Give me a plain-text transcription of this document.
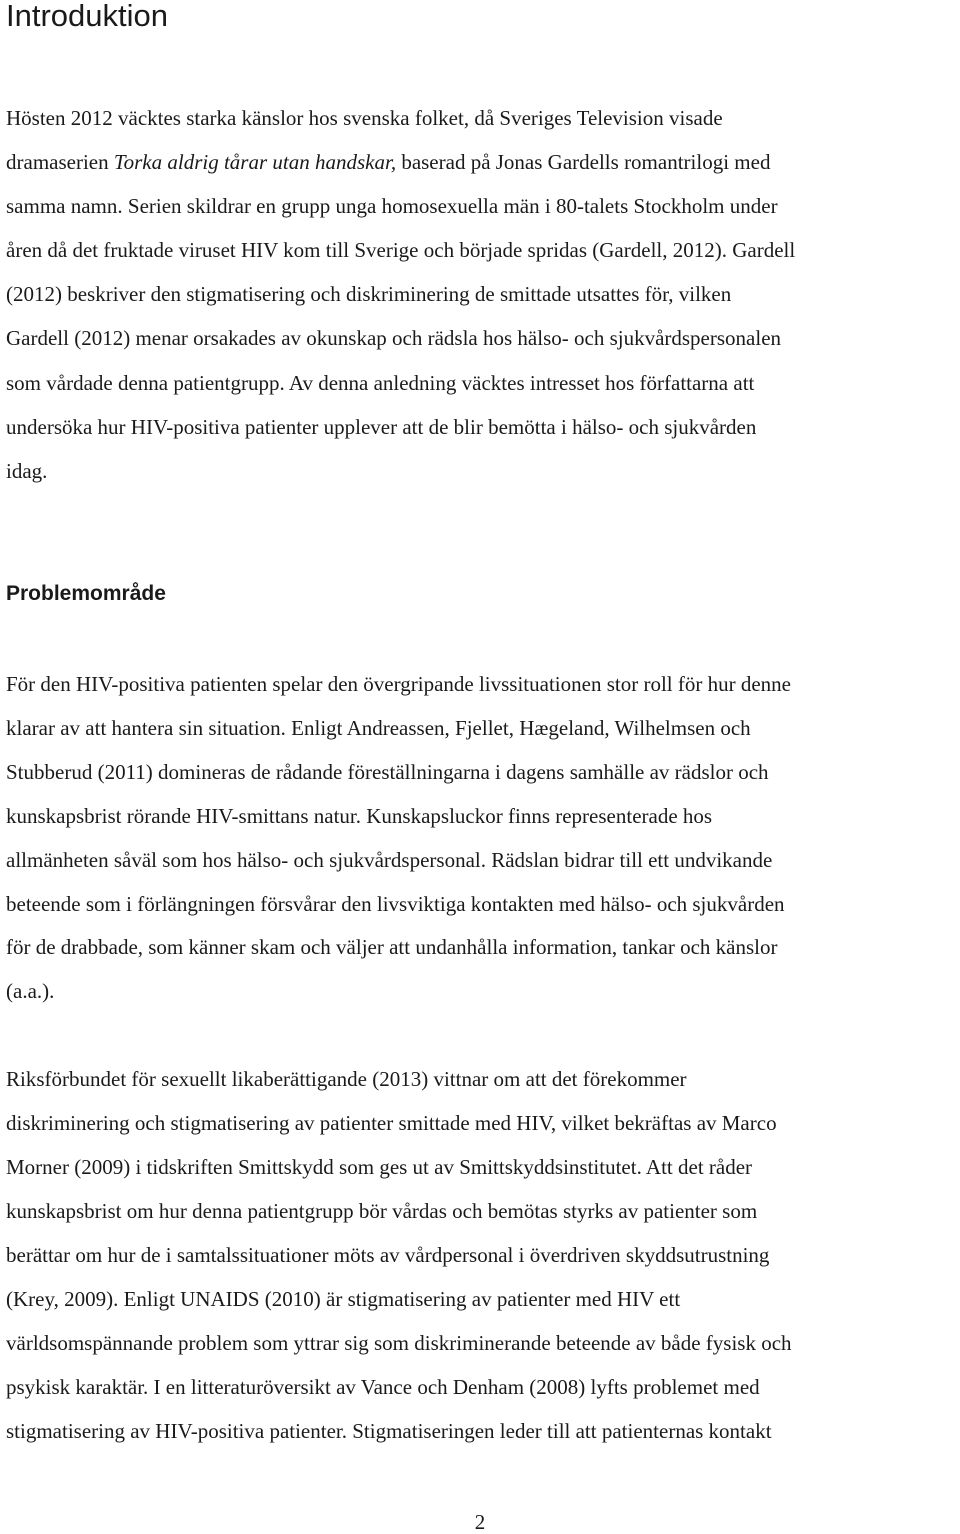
Introduktion
Hösten 2012 väcktes starka känslor hos svenska folket, då Sveriges Television visade
dramaserien Torka aldrig tårar utan handskar, baserad på Jonas Gardells romantrilogi med
samma namn. Serien skildrar en grupp unga homosexuella män i 80-talets Stockholm under
åren då det fruktade viruset HIV kom till Sverige och började spridas (Gardell, 2012). Gardell
(2012) beskriver den stigmatisering och diskriminering de smittade utsattes för, vilken
Gardell (2012) menar orsakades av okunskap och rädsla hos hälso- och sjukvårdspersonalen
som vårdade denna patientgrupp. Av denna anledning väcktes intresset hos författarna att
undersöka hur HIV-positiva patienter upplever att de blir bemötta i hälso- och sjukvården
idag.
Problemområde
För den HIV-positiva patienten spelar den övergripande livssituationen stor roll för hur denne
klarar av att hantera sin situation. Enligt Andreassen, Fjellet, Hægeland, Wilhelmsen och
Stubberud (2011) domineras de rådande föreställningarna i dagens samhälle av rädslor och
kunskapsbrist rörande HIV-smittans natur. Kunskapsluckor finns representerade hos
allmänheten såväl som hos hälso- och sjukvårdspersonal. Rädslan bidrar till ett undvikande
beteende som i förlängningen försvårar den livsviktiga kontakten med hälso- och sjukvården
för de drabbade, som känner skam och väljer att undanhålla information, tankar och känslor
(a.a.).
Riksförbundet för sexuellt likaberättigande (2013) vittnar om att det förekommer
diskriminering och stigmatisering av patienter smittade med HIV, vilket bekräftas av Marco
Morner (2009) i tidskriften Smittskydd som ges ut av Smittskyddsinstitutet. Att det råder
kunskapsbrist om hur denna patientgrupp bör vårdas och bemötas styrks av patienter som
berättar om hur de i samtalssituationer möts av vårdpersonal i överdriven skyddsutrustning
(Krey, 2009). Enligt UNAIDS (2010) är stigmatisering av patienter med HIV ett
världsomspännande problem som yttrar sig som diskriminerande beteende av både fysisk och
psykisk karaktär. I en litteraturöversikt av Vance och Denham (2008) lyfts problemet med
stigmatisering av HIV-positiva patienter. Stigmatiseringen leder till att patienternas kontakt

2
